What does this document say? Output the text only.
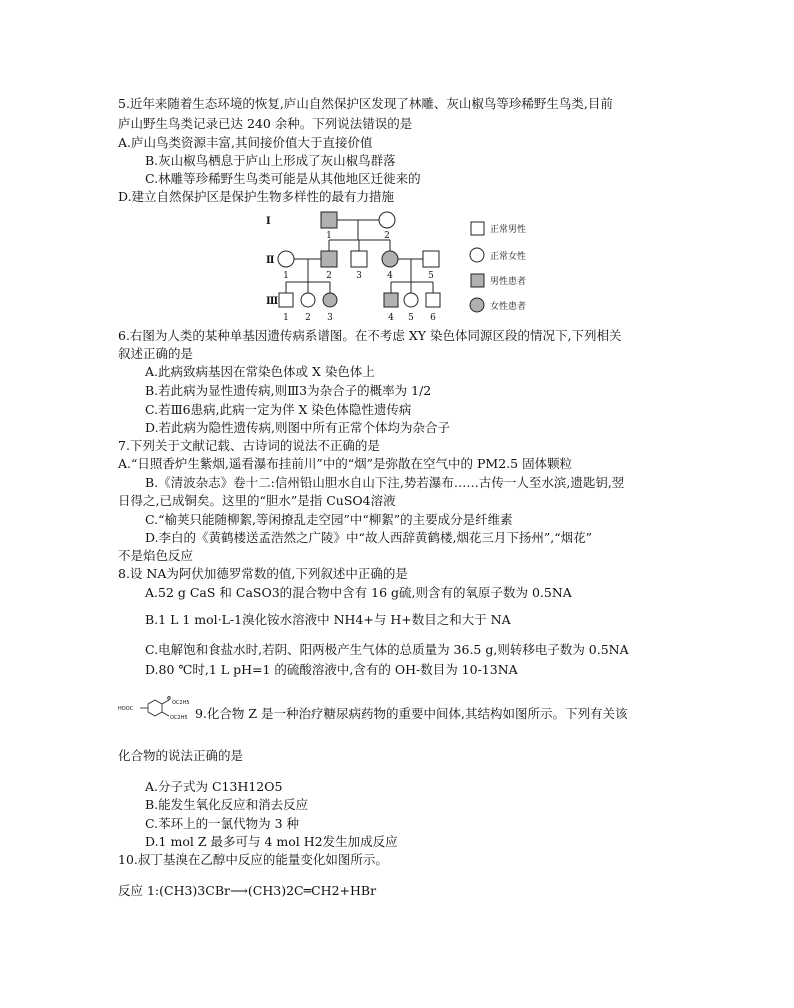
5.近年来随着生态环境的恢复,庐山自然保护区发现了林雕、灰山椒鸟等珍稀野生鸟类,目前
庐山野生鸟类记录已达 240 余种。下列说法错误的是
A.庐山鸟类资源丰富,其间接价值大于直接价值
B.灰山椒鸟栖息于庐山上形成了灰山椒鸟群落
C.林雕等珍稀野生鸟类可能是从其他地区迁徙来的
D.建立自然保护区是保护生物多样性的最有力措施
Ⅰ
Ⅱ
Ⅲ
1	2
1	2	3	4	5
1 2 3	4 5 6
正常男性
正常女性
男性患者
女性患者
6.右图为人类的某种单基因遗传病系谱图。在不考虑 XY 染色体同源区段的情况下,下列相关
叙述正确的是
A.此病致病基因在常染色体或 X 染色体上
B.若此病为显性遗传病,则Ⅲ3为杂合子的概率为 1/2
C.若Ⅲ6患病,此病一定为伴 X 染色体隐性遗传病
D.若此病为隐性遗传病,则图中所有正常个体均为杂合子
7.下列关于文献记载、古诗词的说法不正确的是
A.“日照香炉生紫烟,遥看瀑布挂前川”中的“烟”是弥散在空气中的 PM2.5 固体颗粒
B.《清波杂志》卷十二:信州铅山胆水自山下注,势若瀑布……古传一人至水滨,遗匙钥,翌
日得之,已成铜矣。这里的“胆水”是指 CuSO4溶液
C.“榆荚只能随柳絮,等闲撩乱走空园”中“柳絮”的主要成分是纤维素
D.李白的《黄鹤楼送孟浩然之广陵》中“故人西辞黄鹤楼,烟花三月下扬州”,“烟花”
不是焰色反应
8.设 NA为阿伏加德罗常数的值,下列叙述中正确的是
A.52 g CaS 和 CaSO3的混合物中含有 16 g硫,则含有的氧原子数为 0.5NA
B.1 L 1 mol·L-1溴化铵水溶液中 NH4+与 H+数目之和大于 NA
C.电解饱和食盐水时,若阴、阳两极产生气体的总质量为 36.5 g,则转移电子数为 0.5NA
D.80 ℃时,1 L pH=1 的硫酸溶液中,含有的 OH-数目为 10-13NA
HOOC
O
OC2H5
OC2H5 9.化合物 Z 是一种治疗糖尿病药物的重要中间体,其结构如图所示。下列有关该
化合物的说法正确的是
A.分子式为 C13H12O5
B.能发生氧化反应和消去反应
C.苯环上的一氯代物为 3 种
D.1 mol Z 最多可与 4 mol H2发生加成反应
10.叔丁基溴在乙醇中反应的能量变化如图所示。
反应 1:(CH3)3CBr⟶(CH3)2C═CH2+HBr
